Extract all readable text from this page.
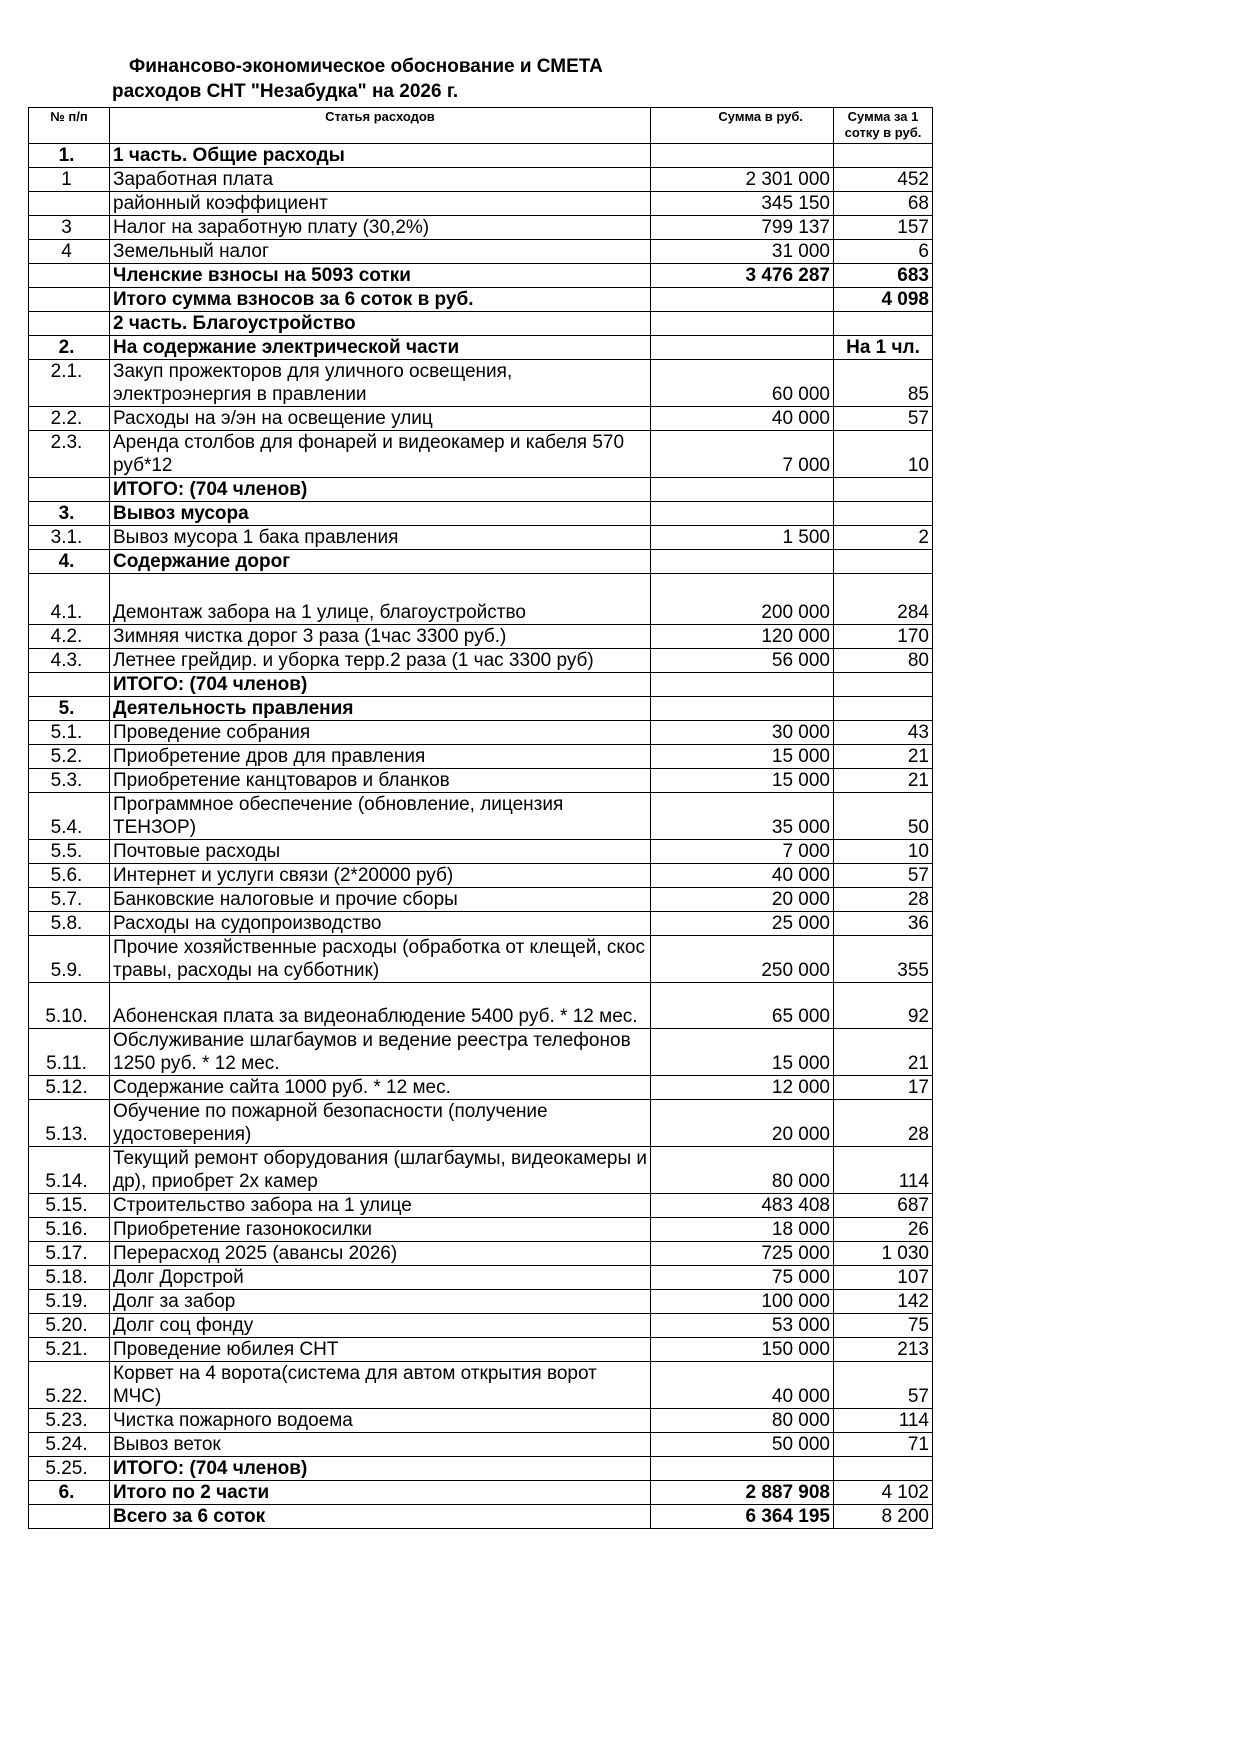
Финансово-экономическое обоснование и СМЕТА
расходов СНТ "Незабудка" на 2026 г.
№ п/п	Статья расходов	Сумма в руб.	Сумма за 1 сотку в руб.
1.	1 часть. Общие расходы		
1	Заработная плата	2 301 000	452
	районный коэффициент	345 150	68
3	Налог на заработную плату (30,2%)	799 137	157
4	Земельный налог	31 000	6
	Членские взносы на 5093 сотки	3 476 287	683
	Итого сумма взносов за 6 соток в руб.		4 098
	2 часть. Благоустройство		
2.	На содержание электрической части		На 1 чл.
2.1.	Закуп прожекторов для уличного освещения, электроэнергия в правлении	60 000	85
2.2.	Расходы на э/эн на освещение улиц	40 000	57
2.3.	Аренда столбов для фонарей и видеокамер и кабеля 570 руб*12	7 000	10
	ИТОГО: (704 членов)		
3.	Вывоз мусора		
3.1.	Вывоз мусора 1 бака правления	1 500	2
4.	Содержание дорог		
4.1.	Демонтаж забора на 1 улице, благоустройство	200 000	284
4.2.	Зимняя чистка дорог 3 раза (1час 3300 руб.)	120 000	170
4.3.	Летнее грейдир. и уборка терр.2 раза (1 час 3300 руб)	56 000	80
	ИТОГО: (704 членов)		
5.	Деятельность правления		
5.1.	Проведение собрания	30 000	43
5.2.	Приобретение дров для правления	15 000	21
5.3.	Приобретение канцтоваров и бланков	15 000	21
5.4.	Программное обеспечение (обновление, лицензия ТЕНЗОР)	35 000	50
5.5.	Почтовые расходы	7 000	10
5.6.	Интернет и услуги связи (2*20000 руб)	40 000	57
5.7.	Банковские налоговые и прочие сборы	20 000	28
5.8.	Расходы на судопроизводство	25 000	36
5.9.	Прочие хозяйственные расходы (обработка от клещей, скос травы, расходы на субботник)	250 000	355
5.10.	Абоненская плата за видеонаблюдение 5400 руб. * 12 мес.	65 000	92
5.11.	Обслуживание шлагбаумов и ведение реестра телефонов 1250 руб. * 12 мес.	15 000	21
5.12.	Содержание сайта 1000 руб. * 12 мес.	12 000	17
5.13.	Обучение по пожарной безопасности (получение удостоверения)	20 000	28
5.14.	Текущий ремонт оборудования (шлагбаумы, видеокамеры и др), приобрет 2х камер	80 000	114
5.15.	Строительство забора на 1 улице	483 408	687
5.16.	Приобретение газонокосилки	18 000	26
5.17.	Перерасход 2025 (авансы 2026)	725 000	1 030
5.18.	Долг Дорстрой	75 000	107
5.19.	Долг за забор	100 000	142
5.20.	Долг соц фонду	53 000	75
5.21.	Проведение юбилея СНТ	150 000	213
5.22.	Корвет на 4 ворота(система для автом открытия ворот МЧС)	40 000	57
5.23.	Чистка пожарного водоема	80 000	114
5.24.	Вывоз веток	50 000	71
5.25.	ИТОГО: (704 членов)		
6.	Итого по 2 части	2 887 908	4 102
	Всего за 6 соток	6 364 195	8 200
